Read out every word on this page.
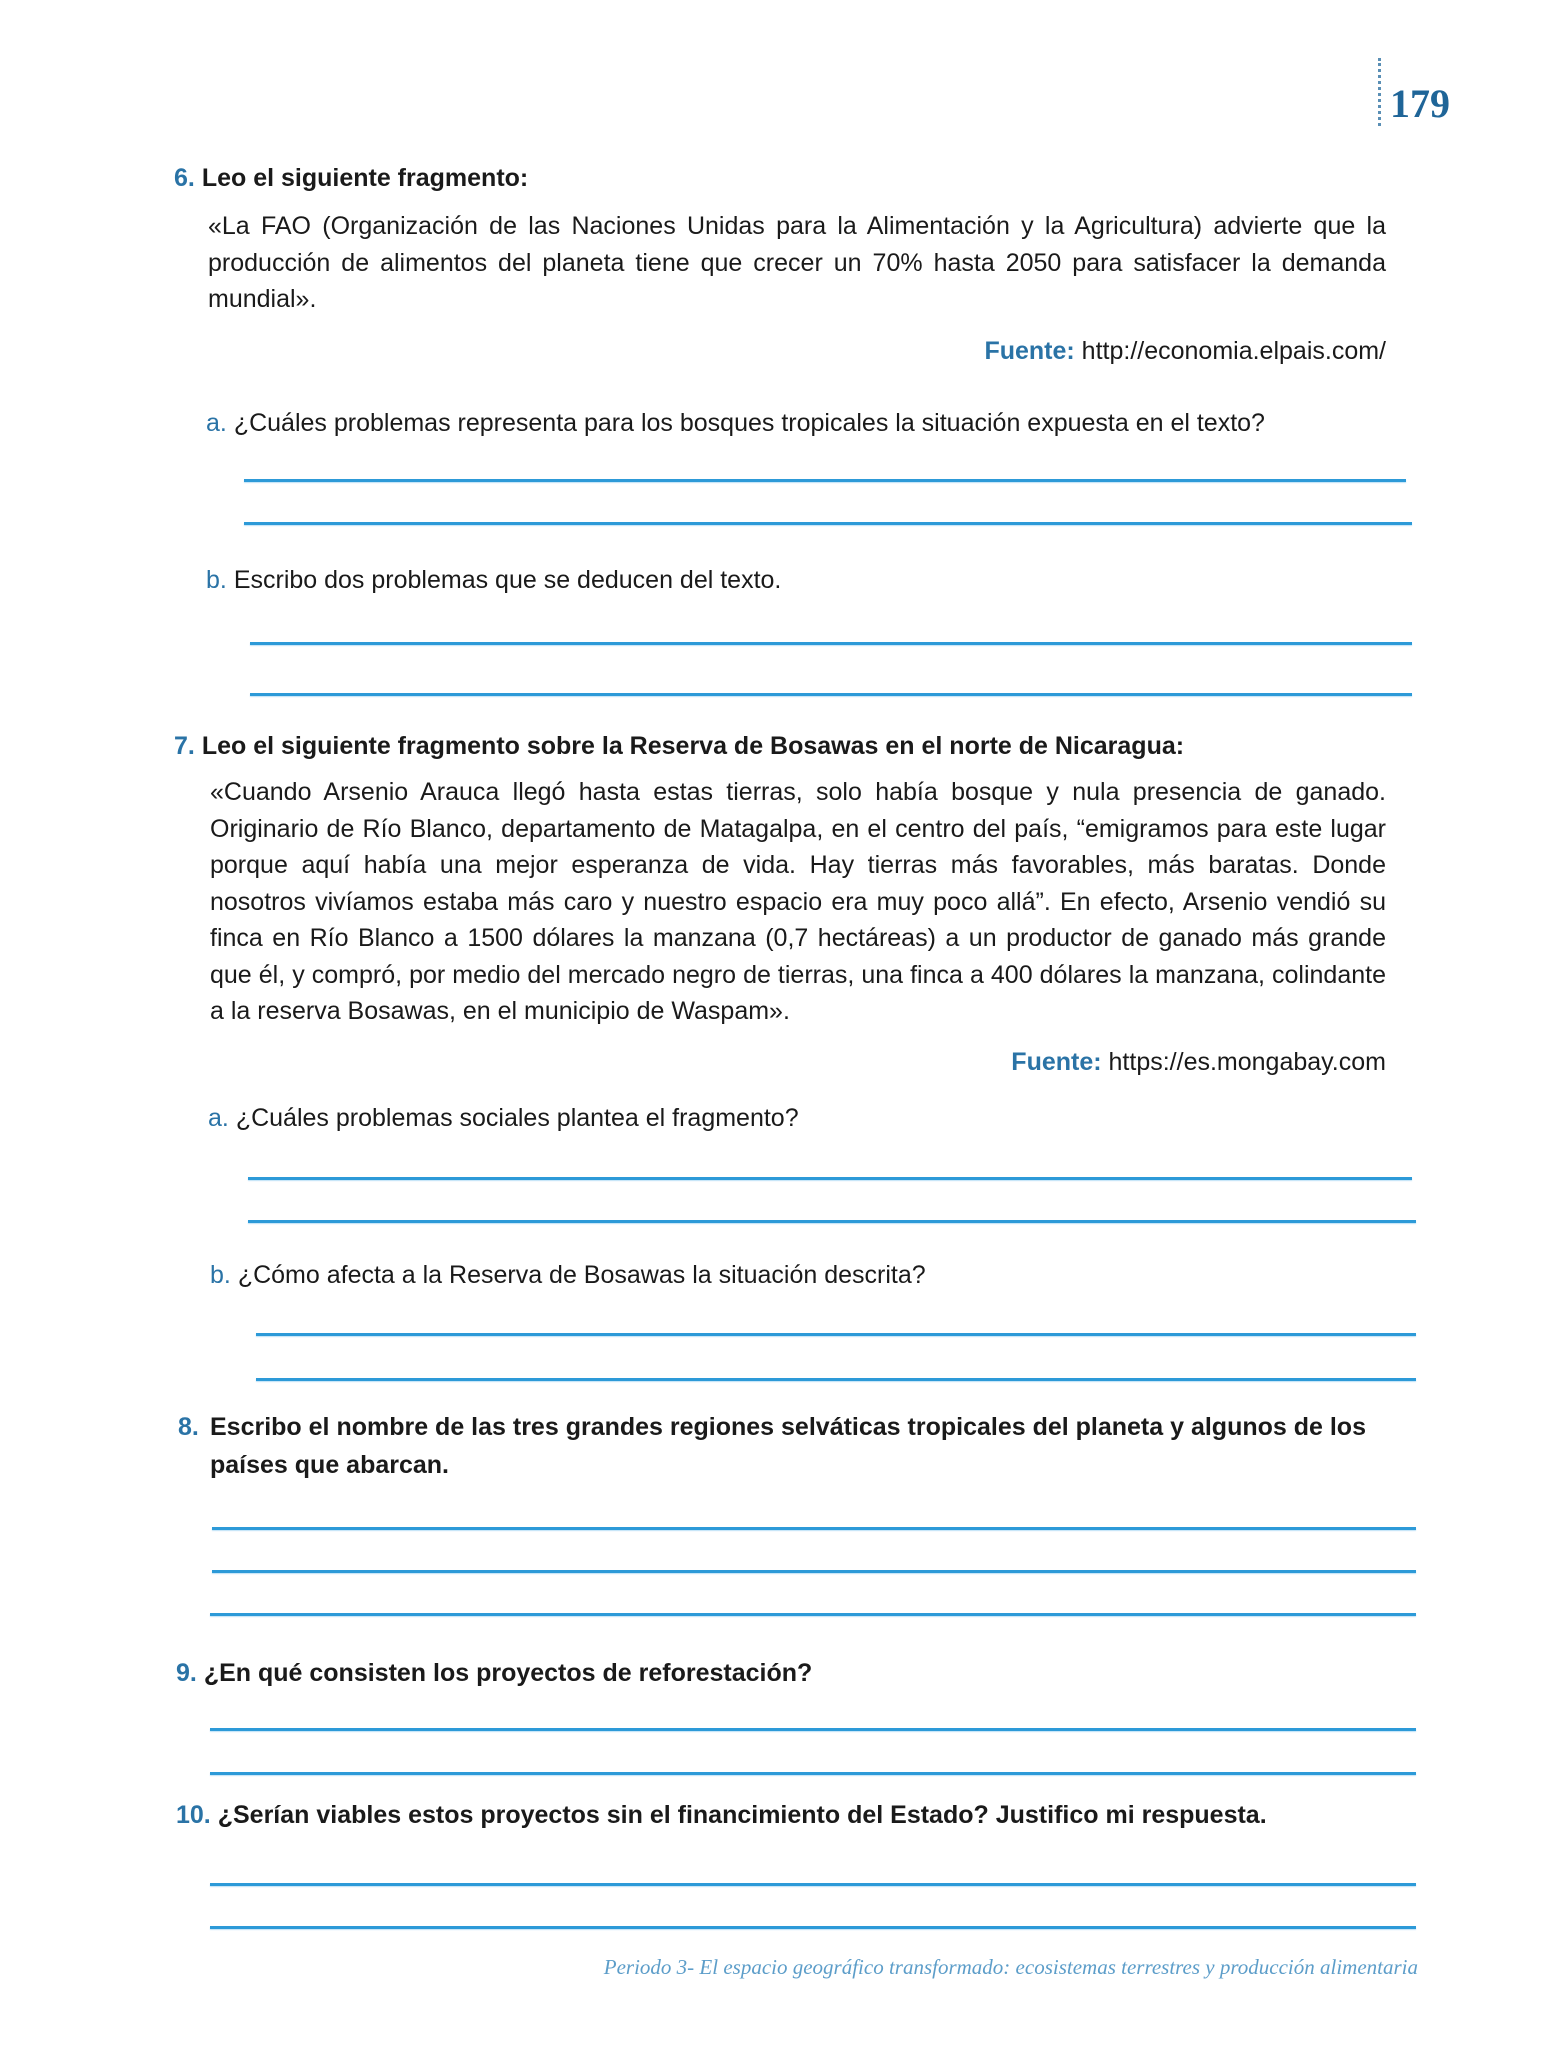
179
6. Leo el siguiente fragmento:
«La FAO (Organización de las Naciones Unidas para la Alimentación y la Agricultura) advierte que la producción de alimentos del planeta tiene que crecer un 70% hasta 2050 para satisfacer la demanda mundial».
Fuente: http://economia.elpais.com/
a. ¿Cuáles problemas representa para los bosques tropicales la situación expuesta en el texto?
b. Escribo dos problemas que se deducen del texto.
7. Leo el siguiente fragmento sobre la Reserva de Bosawas en el norte de Nicaragua:
«Cuando Arsenio Arauca llegó hasta estas tierras, solo había bosque y nula presencia de ganado. Originario de Río Blanco, departamento de Matagalpa, en el centro del país, “emigramos para este lugar porque aquí había una mejor esperanza de vida. Hay tierras más favorables, más baratas. Donde nosotros vivíamos estaba más caro y nuestro espacio era muy poco allá”. En efecto, Arsenio vendió su finca en Río Blanco a 1500 dólares la manzana (0,7 hectáreas) a un productor de ganado más grande que él, y compró, por medio del mercado negro de tierras, una finca a 400 dólares la manzana, colindante a la reserva Bosawas, en el municipio de Waspam».
Fuente: https://es.mongabay.com
a. ¿Cuáles problemas sociales plantea el fragmento?
b. ¿Cómo afecta a la Reserva de Bosawas la situación descrita?
8. Escribo el nombre de las tres grandes regiones selváticas tropicales del planeta y algunos de los países que abarcan.
9. ¿En qué consisten los proyectos de reforestación?
10. ¿Serían viables estos proyectos sin el financimiento del Estado? Justifico mi respuesta.
Periodo 3- El espacio geográfico transformado: ecosistemas terrestres y producción alimentaria
